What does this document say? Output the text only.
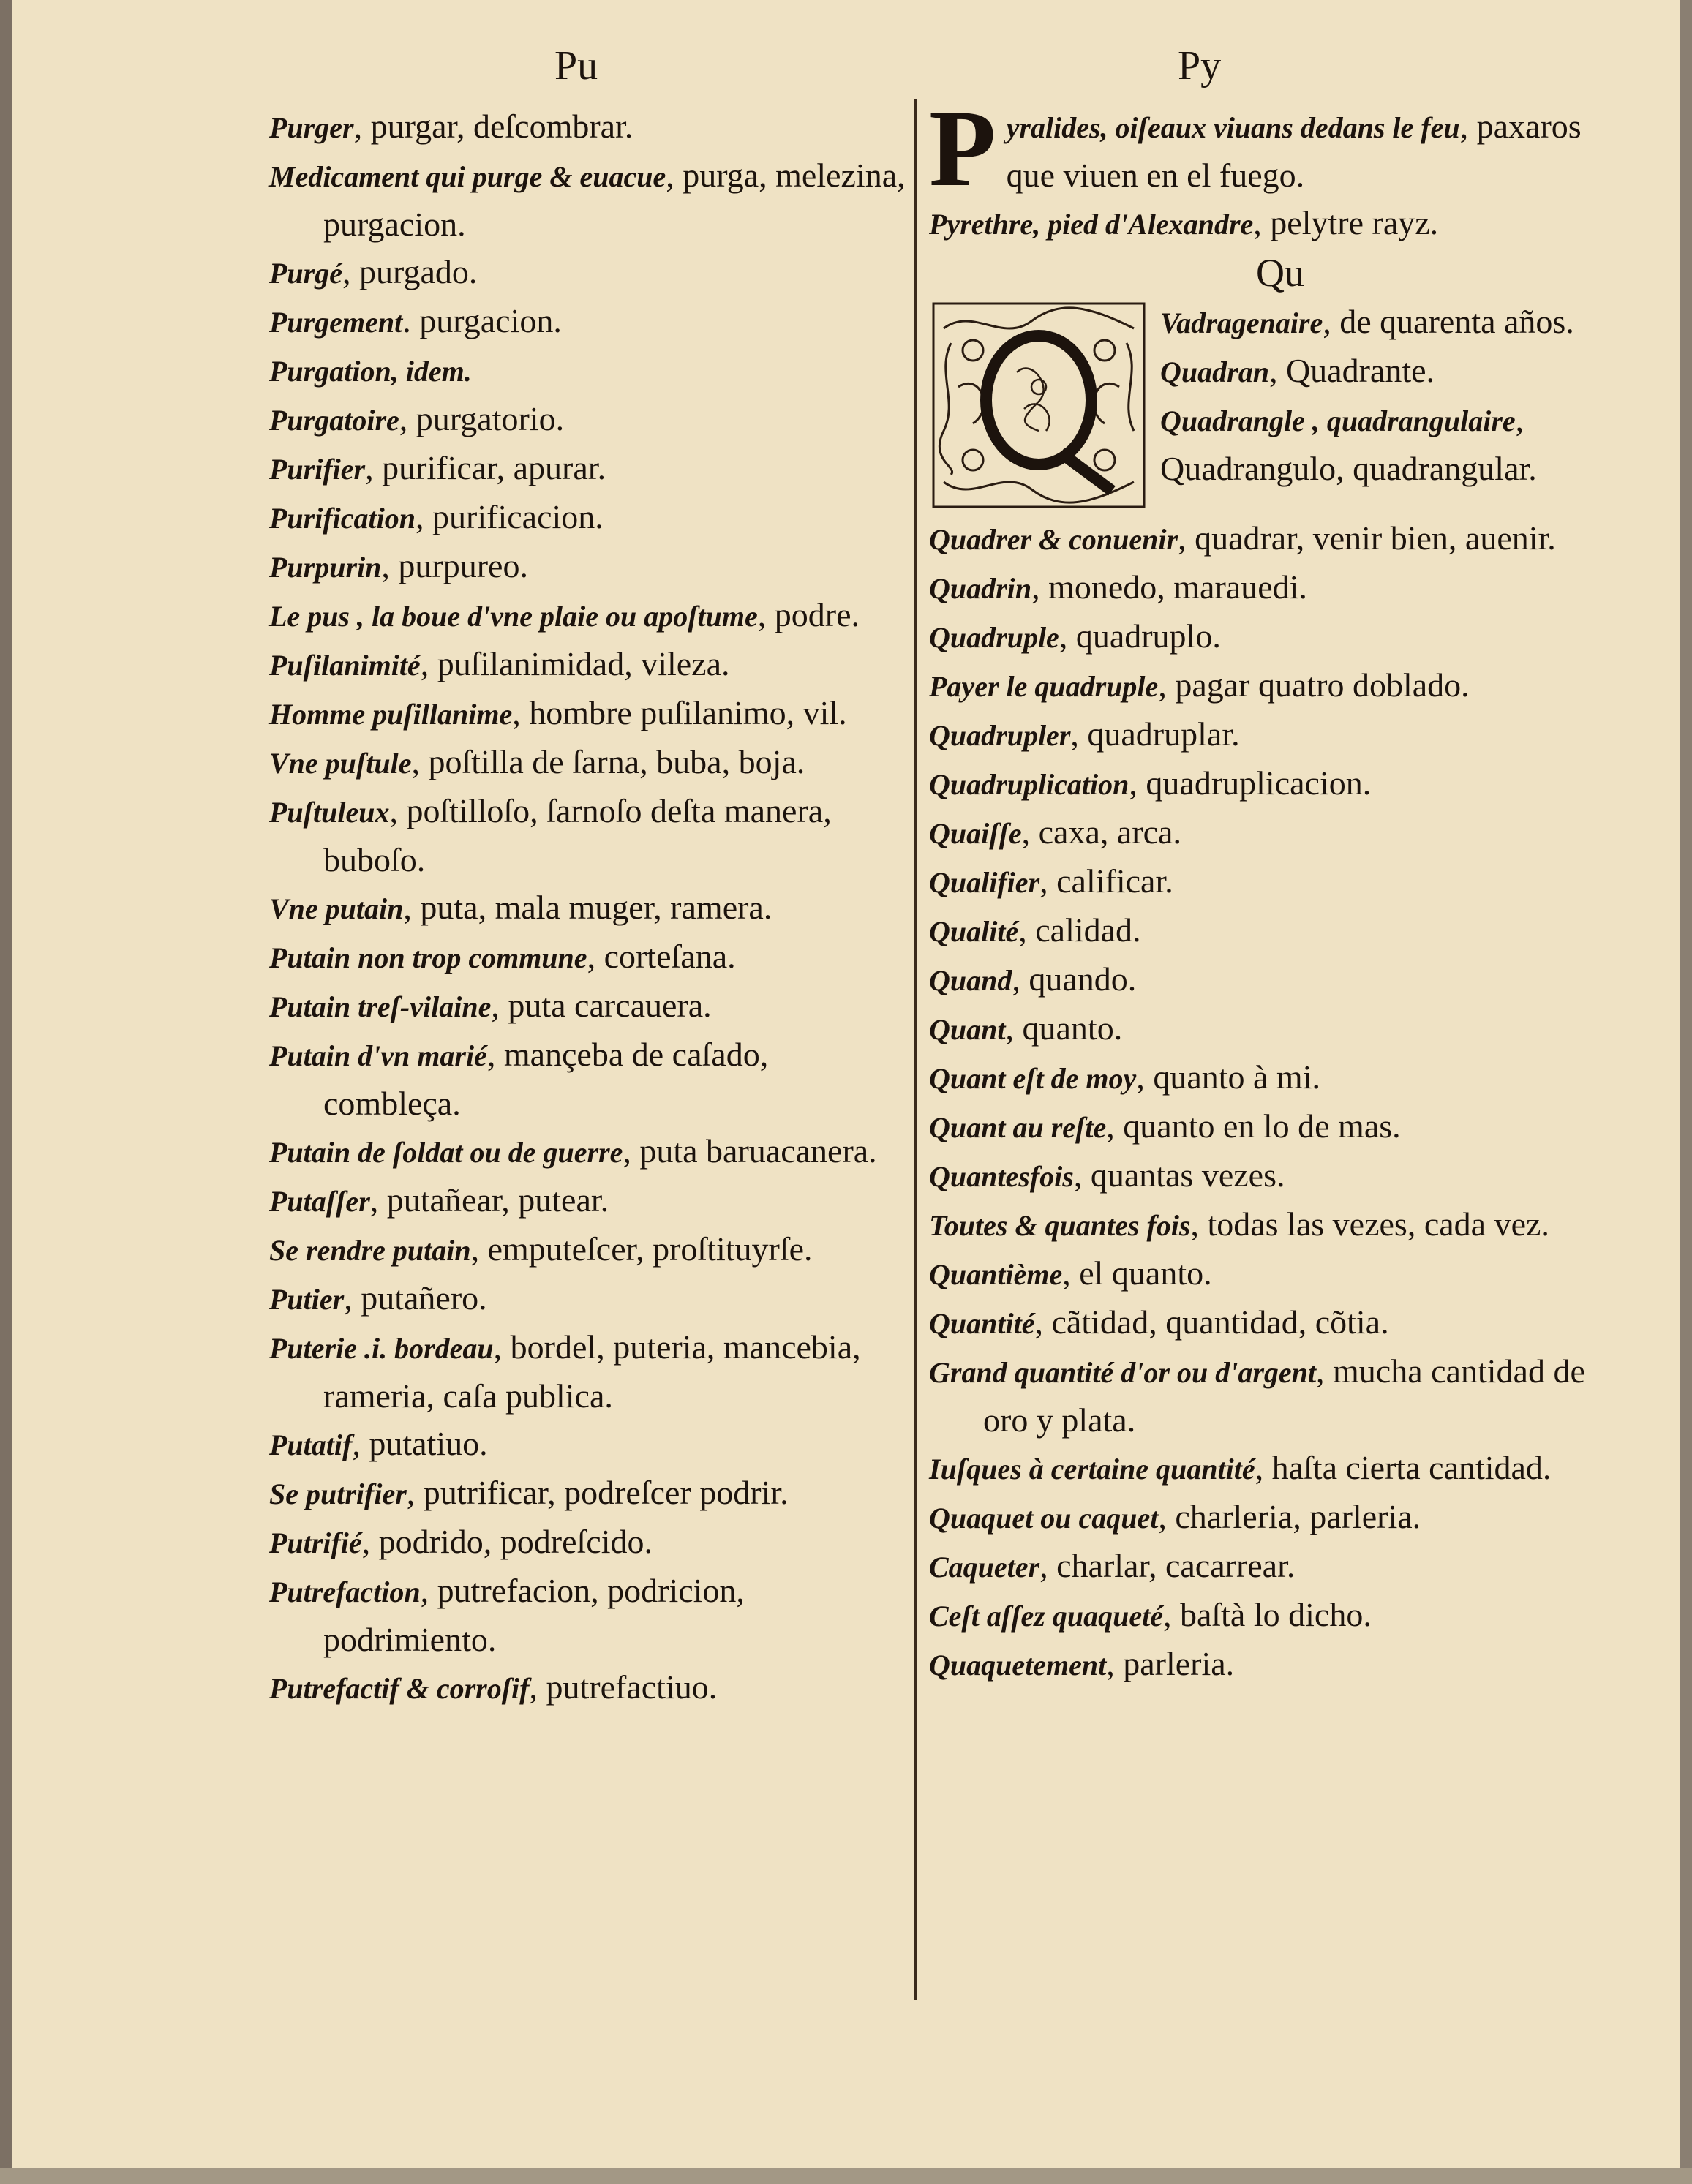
Pu	Py

Purger, purgar, deſcombrar.

Medicament qui purge & euacue, purga, melezina, purgacion.

Purgé, purgado.

Purgement. purgacion.

Purgation, idem.

Purgatoire, purgatorio.

Purifier, purificar, apurar.

Purification, purificacion.

Purpurin, purpureo.

Le pus , la boue d'vne plaie ou apoſtume, podre.

Puſilanimité, puſilanimidad, vileza.

Homme puſillanime, hombre puſilanimo, vil.

Vne puſtule, poſtilla de ſarna, buba, boja.

Puſtuleux, poſtilloſo, ſarnoſo deſta manera, buboſo.

Vne putain, puta, mala muger, ramera.

Putain non trop commune, corteſana.

Putain treſ-vilaine, puta carcauera.

Putain d'vn marié, mançeba de caſado, combleça.

Putain de ſoldat ou de guerre, puta baruacanera.

Putaſſer, putañear, putear.

Se rendre putain, emputeſcer, proſtituyrſe.

Putier, putañero.

Puterie .i. bordeau, bordel, puteria, mancebia, rameria, caſa publica.

Putatif, putatiuo.

Se putrifier, putrificar, podreſcer podrir.

Putrifié, podrido, podreſcido.

Putrefaction, putrefacion, podricion, podrimiento.

Putrefactif & corroſif, putrefactiuo.

Pyralides, oiſeaux viuans dedans le feu, paxaros que viuen en el fuego.

Pyrethre, pied d'Alexandre, pelytre rayz.

Qu
Vadragenaire, de quarenta años.
Quadran, Quadrante.
Quadrangle , quadrangulaire, Quadrangulo, quadrangular.

Quadrer & conuenir, quadrar, venir bien, auenir.

Quadrin, monedo, marauedi.

Quadruple, quadruplo.

Payer le quadruple, pagar quatro doblado.

Quadrupler, quadruplar.

Quadruplication, quadruplicacion.

Quaiſſe, caxa, arca.

Qualifier, calificar.

Qualité, calidad.

Quand, quando.

Quant, quanto.

Quant eſt de moy, quanto à mi.

Quant au reſte, quanto en lo de mas.

Quantesfois, quantas vezes.

Toutes & quantes fois, todas las vezes, cada vez.

Quantième, el quanto.

Quantité, cãtidad, quantidad, cõtia.

Grand quantité d'or ou d'argent, mucha cantidad de oro y plata.

Iuſques à certaine quantité, haſta cierta cantidad.

Quaquet ou caquet, charleria, parleria.

Caqueter, charlar, cacarrear.

Ceſt aſſez quaqueté, baſtà lo dicho.

Quaquetement, parleria.
